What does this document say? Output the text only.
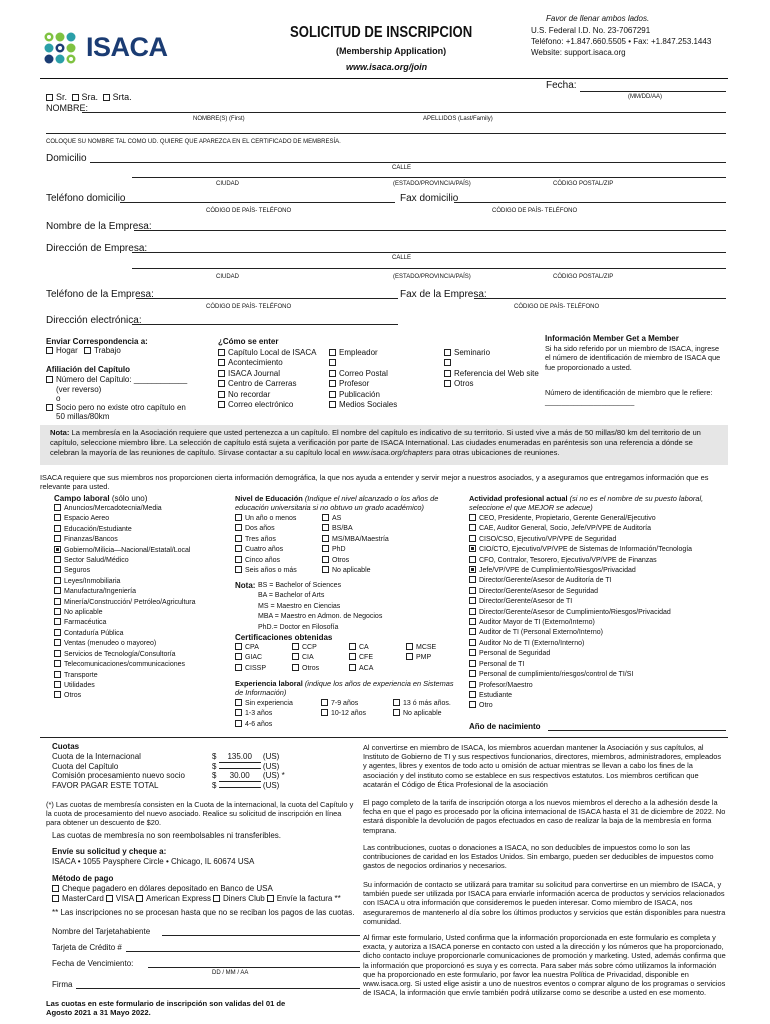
ISACA	SOLICITUD DE INSCRIPCION
(Membership Application)
www.isaca.org/join
Favor de llenar ambos lados.
U.S. Federal I.D. No. 23-7067291
Teléfono: +1.847.660.5505 • Fax: +1.847.253.1443
Website: support.isaca.org
Fecha:
(MM/DD/AA)
Sr. Sra. Srta.
NOMBRE:
NOMBRE(S) (First)	APELLIDOS (Last/Family)
COLOQUE SU NOMBRE TAL COMO UD. QUIERE QUE APAREZCA EN EL CERTIFICADO DE MEMBRESÍA.
Domicilio
CALLE
CIUDAD	(ESTADO/PROVINCIA/PAÍS)	CÓDIGO POSTAL/ZIP
Teléfono domicilio	Fax domicilio
CÓDIGO DE PAÍS- TELÉFONO	CÓDIGO DE PAÍS- TELÉFONO
Nombre de la Empresa:
Dirección de Empresa:
CALLE
CIUDAD	(ESTADO/PROVINCIA/PAÍS)	CÓDIGO POSTAL/ZIP
Teléfono de la Empresa:	Fax de la Empresa:
CÓDIGO DE PAÍS- TELÉFONO	CÓDIGO DE PAÍS- TELÉFONO
Dirección electrónica:
Enviar Correspondencia a:
Hogar Trabajo
Afiliación del Capítulo
Número del Capítulo: ____________
(ver reverso)
o
Socio pero no existe otro capítulo en
50 millas/80km
¿Cómo se enter
Capítulo Local de ISACA
Acontecimiento
ISACA Journal
Centro de Carreras
No recordar
Correo electrónico
Empleador
Correo Postal
Profesor
Publicación
Medios Sociales
Seminario
Referencia del Web site
Otros
Información Member Get a Member
Si ha sido referido por un miembro de ISACA, ingrese el número de identificación de miembro de ISACA que fue proporcionado a usted.
Número de identificación de miembro que le refiere: ______________________
Nota: La membresía en la Asociación requiere que usted pertenezca a un capítulo. El nombre del capítulo es indicativo de su territorio. Si usted vive a más de 50 millas/80 km del territorio de un capítulo, seleccione miembro libre. La selección de capítulo está sujeta a verificación por parte de ISACA International. Las ciudades enumeradas en paréntesis son una referencia a dónde se celebran la mayoría de las reuniones de capítulo. Sírvase contactar a su capítulo local en www.isaca.org/chapters para otras ubicaciones de reuniones.
ISACA requiere que sus miembros nos proporcionen cierta información demográfica, la que nos ayuda a entender y servir mejor a nuestros asociados, y a aseguramos que entregamos información que es relevante para usted.
Campo laboral (sólo uno)
Anuncios/Mercadotecnia/Media
Espacio Aereo
Educación/Estudiante
Finanzas/Bancos
Gobierno/Milicia—Nacional/Estatal/Local
Sector Salud/Médico
Seguros
Leyes/Inmobiliaria
Manufactura/Ingeniería
Minería/Construcción/ Petróleo/Agricultura
No aplicable
Farmacéutica
Contaduría Pública
Ventas (menudeo o mayoreo)
Servicios de Tecnología/Consultoría
Telecomunicaciones/communicaciones
Transporte
Utilidades
Otros
Nivel de Educación (Indique el nivel alcanzado o los años de educación universitaria si no obtuvo un grado académico)
Un año o menos
Dos años
Tres años
Cuatro años
Cinco años
Seis años o más
AS
BS/BA
MS/MBA/Maestría
PhD
Otros
No aplicable
Nota: BS = Bachelor of Sciences
BA = Bachelor of Arts
MS = Maestro en Ciencias
MBA = Maestro en Admon. de Negocios
PhD.= Doctor en Filosofía
Certificaciones obtenidas
CPA
GIAC
CISSP
CCP
CIA
Otros
CA
CFE
ACA
MCSE
PMP
Experiencia laboral (indique los años de experiencia en Sistemas de Información)
Sin experiencia
1-3 años
4-6 años
7-9 años
10-12 años
13 ó más años.
No aplicable
Actividad profesional actual (si no es el nombre de su puesto laboral, seleccione el que MEJOR se adecue)
CEO, Presidente, Propietario, Gerente General/Ejecutivo
CAE, Auditor General, Socio, Jefe/VP/VPE de Auditoría
CISO/CSO, Ejecutivo/VP/VPE de Seguridad
CIO/CTO, Ejecutivo/VP/VPE de Sistemas de Información/Tecnología
CFO, Contralor, Tesorero, Ejecutivo/VP/VPE de Finanzas
Jefe/VP/VPE de Cumplimiento/Riesgos/Privacidad
Director/Gerente/Asesor de Auditoría de TI
Director/Gerente/Asesor de Seguridad
Director/Gerente/Asesor de TI
Director/Gerente/Asesor de Cumplimiento/Riesgos/Privacidad
Auditor Mayor de TI (Externo/Interno)
Auditor de TI (Personal Externo/Interno)
Auditor No de TI (Externo/Interno)
Personal de Seguridad
Personal de TI
Personal de cumplimiento/riesgos/control de TI/SI
Profesor/Maestro
Estudiante
Otro
Año de nacimiento
Cuotas
Cuota de la Internacional	$ 135.00 (US)
Cuota del Capítulo	$	(US)
Comisión procesamiento nuevo socio	$ 30.00 (US) *
FAVOR PAGAR ESTE TOTAL	$	(US)
(*) Las cuotas de membresía consisten en la Cuota de la internacional, la cuota del Capítulo y la cuota de procesamiento del nuevo asociado. Realice su solicitud de inscripción en línea para obtener un descuento de $20.
Las cuotas de membresía no son reembolsables ni transferibles.
Envíe su solicitud y cheque a:
ISACA • 1055 Paysphere Circle • Chicago, IL 60674 USA
Método de pago
Cheque pagadero en dólares depositado en Banco de USA
MasterCard VISA American Express Diners Club Envíe la factura **
** Las inscripciones no se procesan hasta que no se reciban los pagos de las cuotas.
Nombre del Tarjetahabiente
Tarjeta de Crédito #
Fecha de Vencimiento:
DD / MM / AA
Firma
Las cuotas en este formulario de inscripción son validas del 01 de Agosto 2021 a 31 Mayo 2022.
Al convertirse en miembro de ISACA, los miembros acuerdan mantener la Asociación y sus capítulos, al Instituto de Gobierno de TI y sus respectivos funcionarios, directores, miembros, administradores, empleados y agentes, libres y exentos de todo acto u omisión de actuar mientras se llevan a cabo los fines de la asociación y del instituto como se establece en sus respectivos estatutos. Los miembros certifican que acatarán el Código de Ética Profesional de la asociación
El pago completo de la tarifa de inscripción otorga a los nuevos miembros el derecho a la adhesión desde la fecha en que el pago es procesado por la oficina internacional de ISACA hasta el 31 de diciembre de 2022. No estará disponible la devolución de pagos efectuados en caso de realizar la baja de la membresía en forma temprana.
Las contribuciones, cuotas o donaciones a ISACA, no son deducibles de impuestos como lo son las contribuciones de caridad en los Estados Unidos. Sin embargo, pueden ser deducibles de impuestos como gastos de negocios ordinarios y necesarios.
Su información de contacto se utilizará para tramitar su solicitud para convertirse en un miembro de ISACA, y también puede ser utilizada por ISACA para enviarle información acerca de productos y servicios relacionados con ISACA u otra información que consideremos le pueden interesar. Como miembro de ISACA, nos aseguraremos de mantenerlo al día sobre los últimos productos y servicios que están disponibles para nuestra comunidad.
Al firmar este formulario, Usted confirma que la información proporcionada en este formulario es completa y exacta, y autoriza a ISACA ponerse en contacto con usted a la dirección y los números que ha proporcionado, dicho contacto incluye proporcionarle comunicaciones de promoción y marketing. Usted, además confirma que la información que proporcionó es suya y es correcta. Para saber más sobre cómo utilizamos la información que ha proporcionado en este formulario, por favor lea nuestra Política de Privacidad, disponible en www.isaca.org. Si usted elige asistir a uno de nuestros eventos o comprar alguno de los programas o servicios de ISACA, la información que envíe también podrá utilizarse como se describe a usted en ese momento.
